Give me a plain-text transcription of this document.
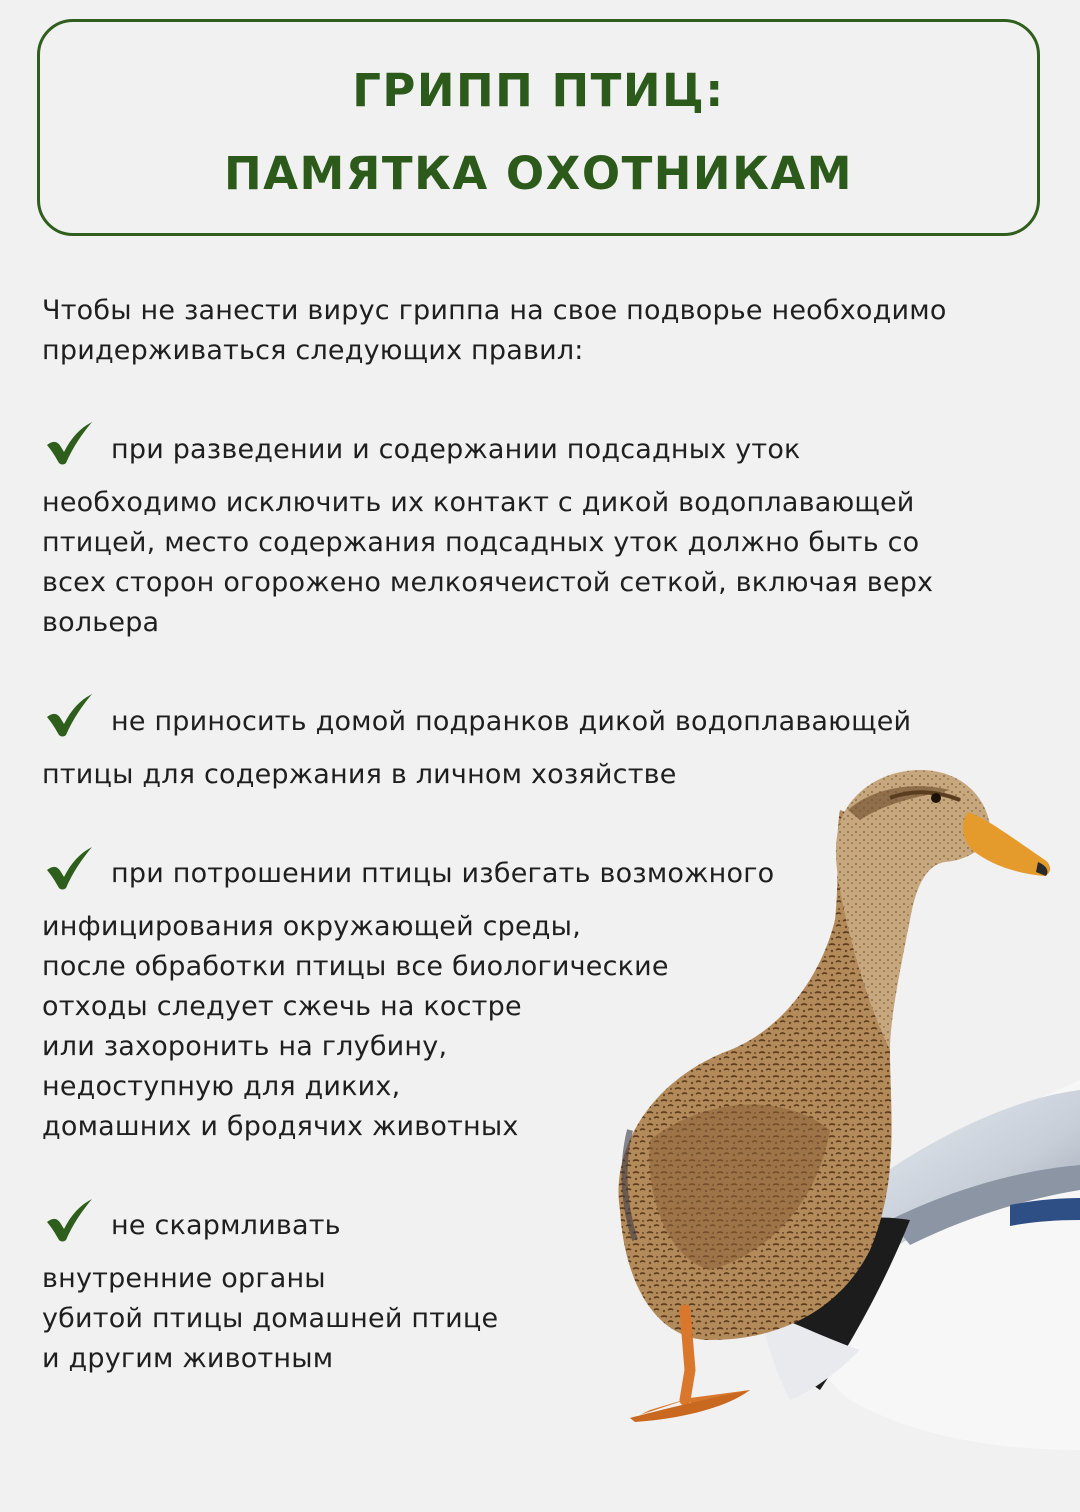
ГРИПП ПТИЦ:
ПАМЯТКА ОХОТНИКАМ
Чтобы не занести вирус гриппа на свое подворье необходимо
придерживаться следующих правил:
при разведении и содержании подсадных уток
необходимо исключить их контакт с дикой водоплавающей
птицей, место содержания подсадных уток должно быть со
всех сторон огорожено мелкоячеистой сеткой, включая верх
вольера
не приносить домой подранков дикой водоплавающей
птицы для содержания в личном хозяйстве
при потрошении птицы избегать возможного
инфицирования окружающей среды,
после обработки птицы все биологические
отходы следует сжечь на костре
или захоронить на глубину,
недоступную для диких,
домашних и бродячих животных
не скармливать
внутренние органы
убитой птицы домашней птице
и другим животным
